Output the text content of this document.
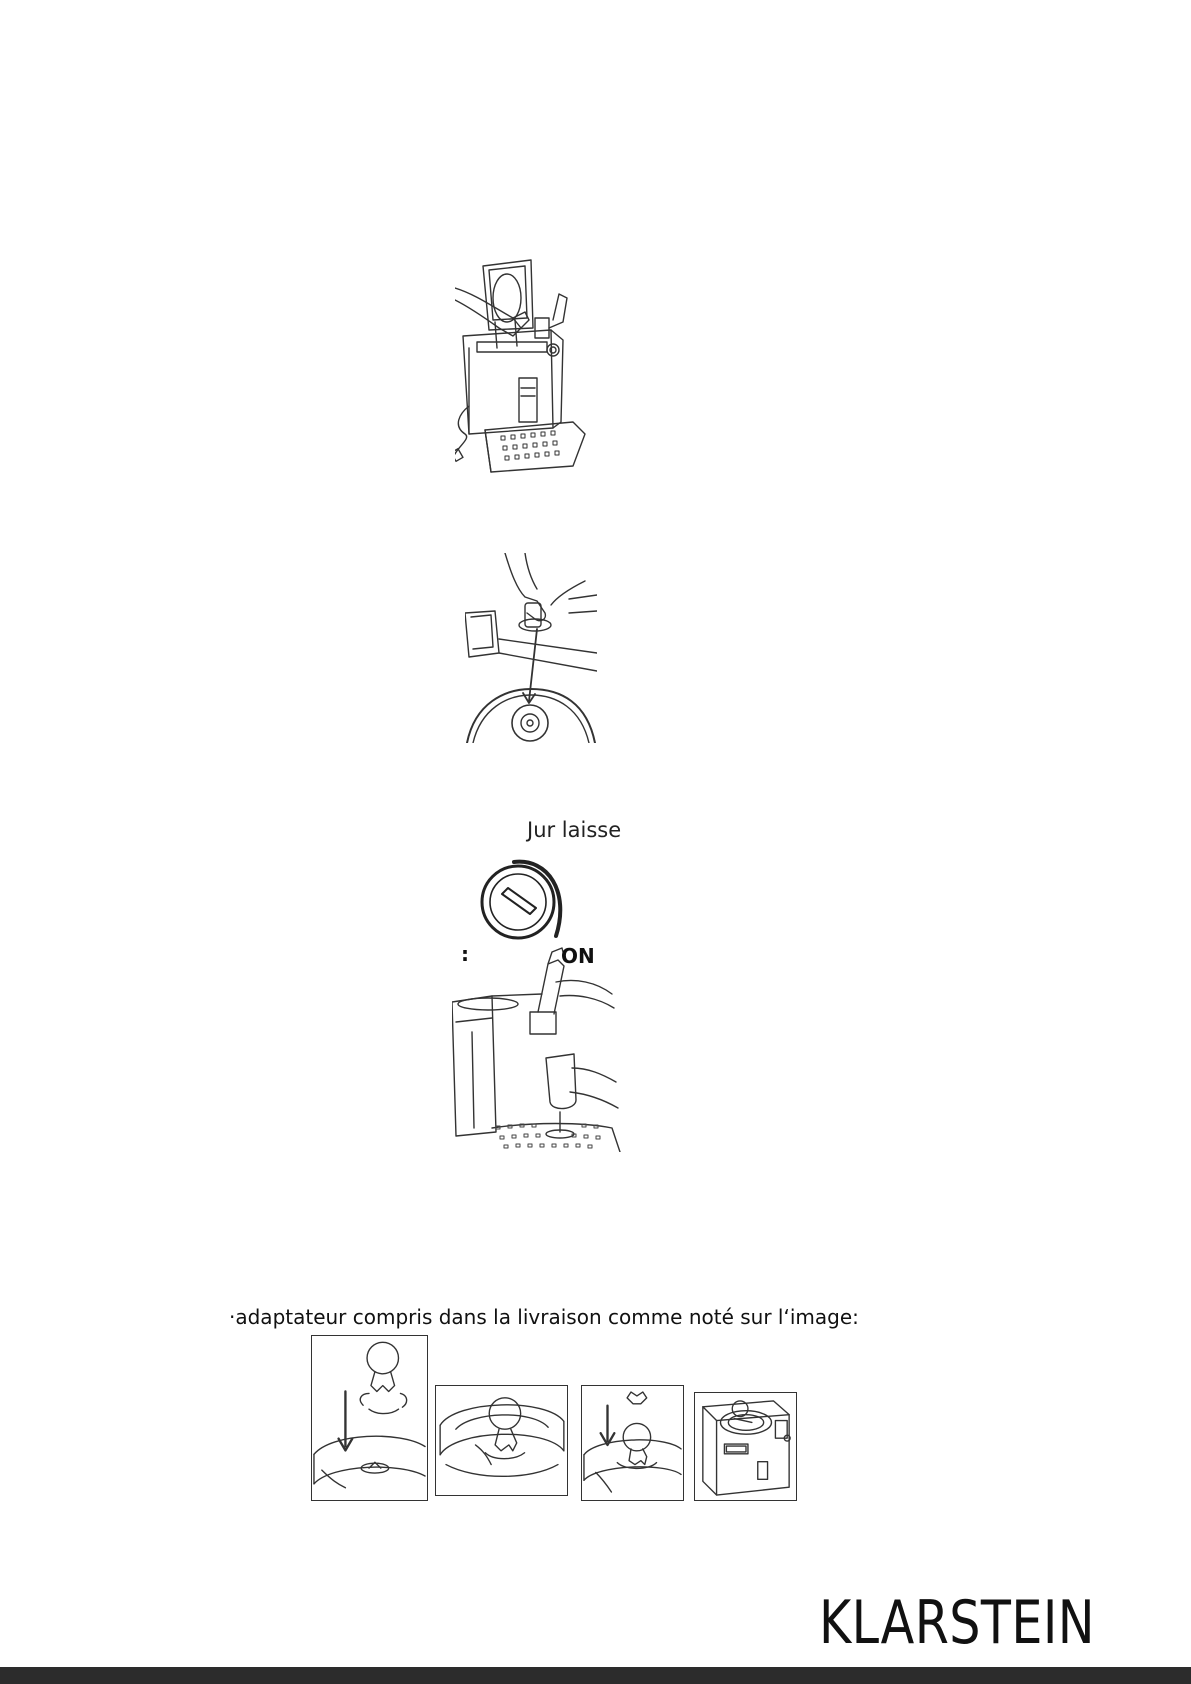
Jur laisse
:	ON
·adaptateur compris dans la livraison comme noté sur l‘image:
KLARSTEIN
